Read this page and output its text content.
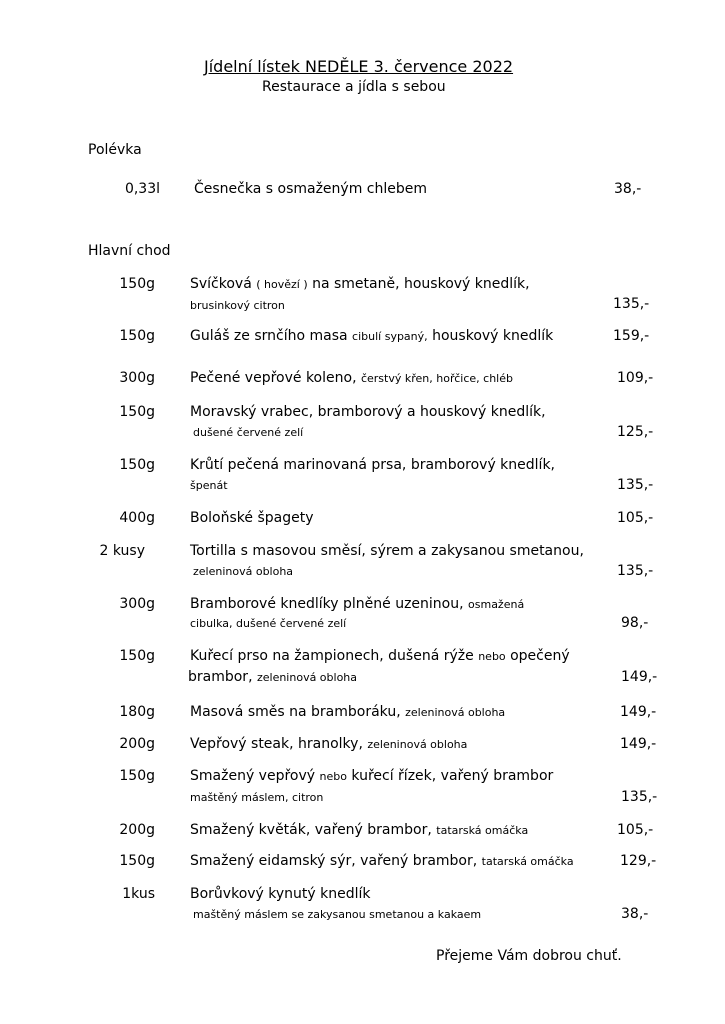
Jídelní lístek NEDĚLE 3. července 2022
Restaurace a jídla s sebou
Polévka
0,33l Česnečka s osmaženým chlebem	38,-
Hlavní chod
150g	Svíčková ( hovězí ) na smetaně, houskový knedlík,
brusinkový citron	135,-
150g	Guláš ze srnčího masa cibulí sypaný, houskový knedlík	159,-
300g	Pečené vepřové koleno, čerstvý křen, hořčice, chléb	109,-
150g	Moravský vrabec, bramborový a houskový knedlík,
dušené červené zelí	125,-
150g	Krůtí pečená marinovaná prsa, bramborový knedlík,
špenát	135,-
400g	Boloňské špagety	105,-
2 kusy	Tortilla s masovou směsí, sýrem a zakysanou smetanou,
zeleninová obloha	135,-
300g	Bramborové knedlíky plněné uzeninou, osmažená
cibulka, dušené červené zelí	98,-
150g	Kuřecí prso na žampionech, dušená rýže nebo opečený
brambor, zeleninová obloha	149,-
180g	Masová směs na bramboráku, zeleninová obloha	149,-
200g	Vepřový steak, hranolky, zeleninová obloha	149,-
150g	Smažený vepřový nebo kuřecí řízek, vařený brambor
maštěný máslem, citron	135,-
200g	Smažený květák, vařený brambor, tatarská omáčka	105,-
150g	Smažený eidamský sýr, vařený brambor, tatarská omáčka	129,-
1kus	Borůvkový kynutý knedlík
maštěný máslem se zakysanou smetanou a kakaem	38,-
Přejeme Vám dobrou chuť.
